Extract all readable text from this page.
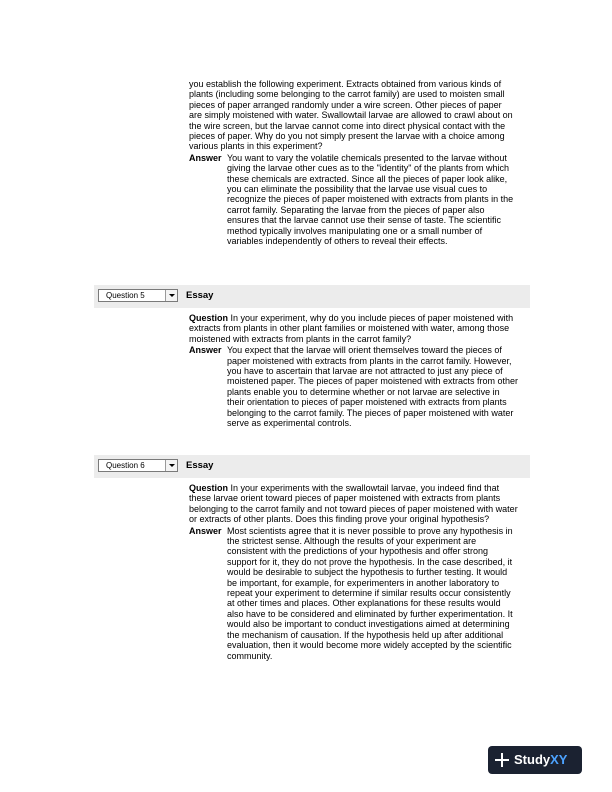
you establish the following experiment. Extracts obtained from various kinds of plants (including some belonging to the carrot family) are used to moisten small pieces of paper arranged randomly under a wire screen. Other pieces of paper are simply moistened with water. Swallowtail larvae are allowed to crawl about on the wire screen, but the larvae cannot come into direct physical contact with the pieces of paper. Why do you not simply present the larvae with a choice among various plants in this experiment?
Answer You want to vary the volatile chemicals presented to the larvae without giving the larvae other cues as to the "identity" of the plants from which these chemicals are extracted. Since all the pieces of paper look alike, you can eliminate the possibility that the larvae use visual cues to recognize the pieces of paper moistened with extracts from plants in the carrot family. Separating the larvae from the pieces of paper also ensures that the larvae cannot use their sense of taste. The scientific method typically involves manipulating one or a small number of variables independently of others to reveal their effects.
Question 5	Essay
Question In your experiment, why do you include pieces of paper moistened with extracts from plants in other plant families or moistened with water, among those moistened with extracts from plants in the carrot family?
Answer You expect that the larvae will orient themselves toward the pieces of paper moistened with extracts from plants in the carrot family. However, you have to ascertain that larvae are not attracted to just any piece of moistened paper. The pieces of paper moistened with extracts from other plants enable you to determine whether or not larvae are selective in their orientation to pieces of paper moistened with extracts from plants belonging to the carrot family. The pieces of paper moistened with water serve as experimental controls.
Question 6	Essay
Question In your experiments with the swallowtail larvae, you indeed find that these larvae orient toward pieces of paper moistened with extracts from plants belonging to the carrot family and not toward pieces of paper moistened with water or extracts of other plants. Does this finding prove your original hypothesis?
Answer Most scientists agree that it is never possible to prove any hypothesis in the strictest sense. Although the results of your experiment are consistent with the predictions of your hypothesis and offer strong support for it, they do not prove the hypothesis. In the case described, it would be desirable to subject the hypothesis to further testing. It would be important, for example, for experimenters in another laboratory to repeat your experiment to determine if similar results occur consistently at other times and places. Other explanations for these results would also have to be considered and eliminated by further experimentation. It would also be important to conduct investigations aimed at determining the mechanism of causation. If the hypothesis held up after additional evaluation, then it would become more widely accepted by the scientific community.
StudyXY
